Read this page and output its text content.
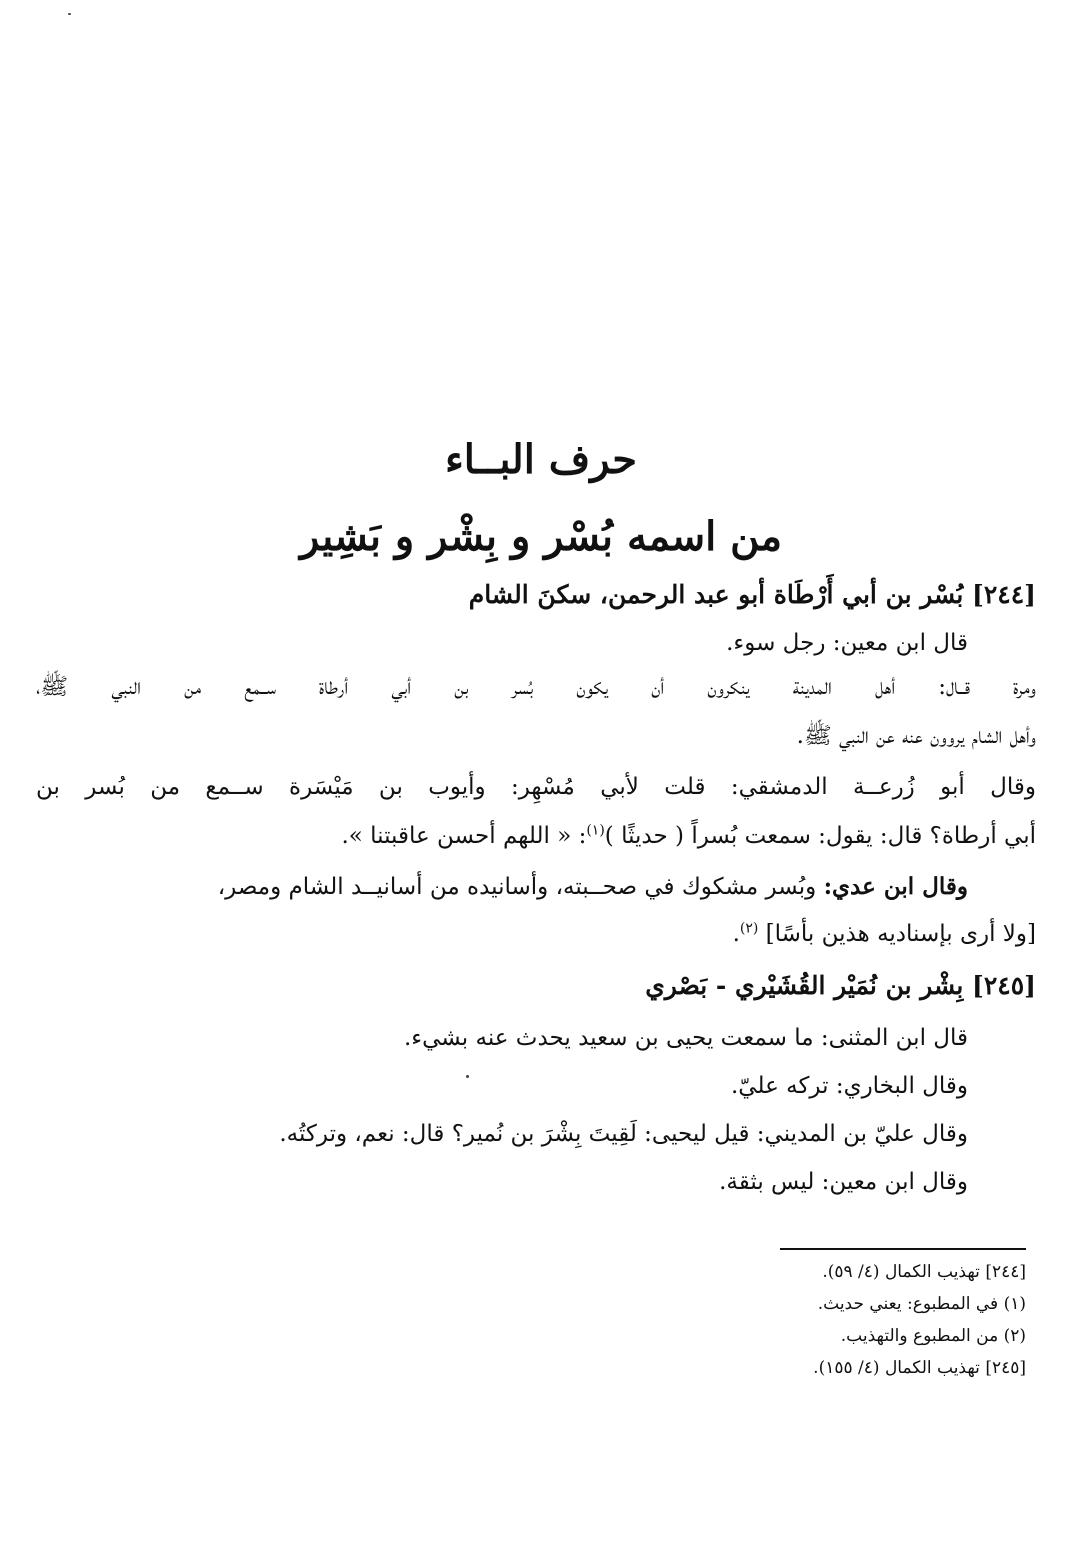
حرف البــاء
من اسمه بُسْر و بِشْر و بَشِير
[٢٤٤] بُسْر بن أبي أَرْطَاة أبو عبد الرحمن، سكنَ الشام
قال ابن معين: رجل سوء.
ومرة قــال: أهل المدينة ينكرون أن يكون بُسر بن أبي أرطاة ســمع من النبي ﷺ،
وأهل الشام يروون عنه عن النبي ﷺ.
وقال أبو زُرعــة الدمشقي: قلت لأبي مُسْهِر: وأيوب بن مَيْسَرة ســمع من بُسر بن
أبي أرطاة؟ قال: يقول: سمعت بُسراً ( حديثًا )$^{(١)}$: « اللهم أحسن عاقبتنا ».
وقال ابن عدي: وبُسر مشكوك في صحــبته، وأسانيده من أسانيــد الشام ومصر،
[ولا أرى بإسناديه هذين بأسًا] $^{(٢)}$.
[٢٤٥] بِشْر بن نُمَيْر القُشَيْري - بَصْري
قال ابن المثنى: ما سمعت يحيى بن سعيد يحدث عنه بشيء.
وقال البخاري: تركه عليّ.
وقال عليّ بن المديني: قيل ليحيى: لَقِيتَ بِشْرَ بن نُمير؟ قال: نعم، وتركتُه.
وقال ابن معين: ليس بثقة.
[٢٤٤] تهذيب الكمال (٤/ ٥٩).
(١) في المطبوع: يعني حديث.
(٢) من المطبوع والتهذيب.
[٢٤٥] تهذيب الكمال (٤/ ١٥٥).
